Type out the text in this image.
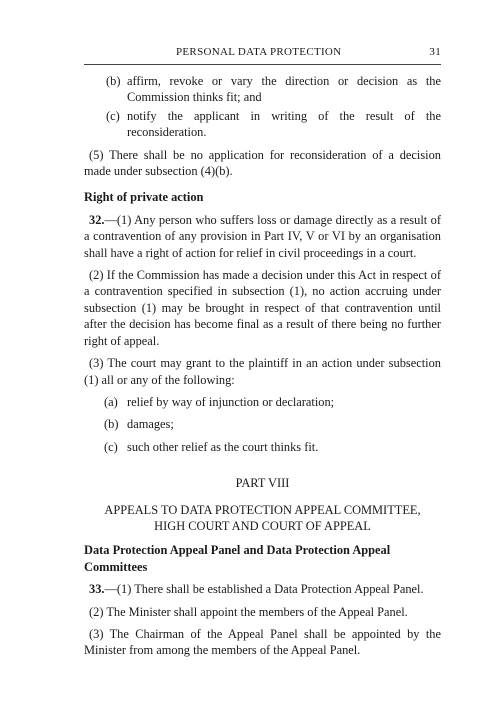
PERSONAL DATA PROTECTION	31
(b) affirm, revoke or vary the direction or decision as the Commission thinks fit; and
(c) notify the applicant in writing of the result of the reconsideration.
(5) There shall be no application for reconsideration of a decision made under subsection (4)(b).
Right of private action
32.—(1) Any person who suffers loss or damage directly as a result of a contravention of any provision in Part IV, V or VI by an organisation shall have a right of action for relief in civil proceedings in a court.
(2) If the Commission has made a decision under this Act in respect of a contravention specified in subsection (1), no action accruing under subsection (1) may be brought in respect of that contravention until after the decision has become final as a result of there being no further right of appeal.
(3) The court may grant to the plaintiff in an action under subsection (1) all or any of the following:
(a) relief by way of injunction or declaration;
(b) damages;
(c) such other relief as the court thinks fit.
PART VIII
APPEALS TO DATA PROTECTION APPEAL COMMITTEE,
HIGH COURT AND COURT OF APPEAL
Data Protection Appeal Panel and Data Protection Appeal Committees
33.—(1) There shall be established a Data Protection Appeal Panel.
(2) The Minister shall appoint the members of the Appeal Panel.
(3) The Chairman of the Appeal Panel shall be appointed by the Minister from among the members of the Appeal Panel.
